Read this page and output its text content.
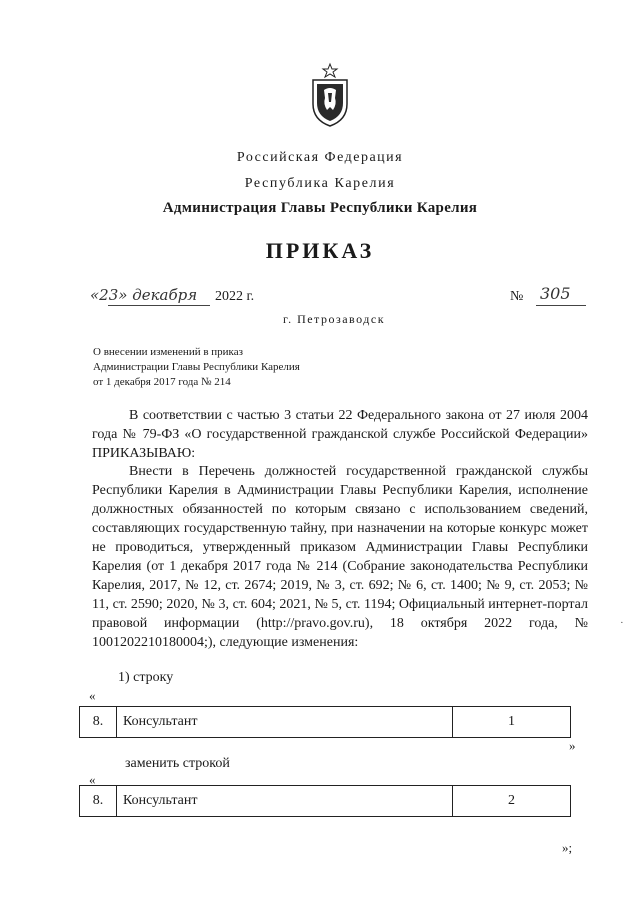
Российская Федерация
Республика Карелия
Администрация Главы Республики Карелия
ПРИКАЗ
«23» декабря 2022 г.	№ 305
г. Петрозаводск
О внесении изменений в приказ
Администрации Главы Республики Карелия
от 1 декабря 2017 года № 214
В соответствии с частью 3 статьи 22 Федерального закона от 27 июля 2004 года № 79-ФЗ «О государственной гражданской службе Российской Федерации» ПРИКАЗЫВАЮ:
Внести в Перечень должностей государственной гражданской службы Республики Карелия в Администрации Главы Республики Карелия, исполнение должностных обязанностей по которым связано с использованием сведений, составляющих государственную тайну, при назначении на которые конкурс может не проводиться, утвержденный приказом Администрации Главы Республики Карелия (от 1 декабря 2017 года № 214 (Собрание законодательства Республики Карелия, 2017, № 12, ст. 2674; 2019, № 3, ст. 692; № 6, ст. 1400; № 9, ст. 2053; № 11, ст. 2590; 2020, № 3, ст. 604; 2021, № 5, ст. 1194; Официальный интернет-портал правовой информации (http://pravo.gov.ru), 18 октября 2022 года, № 1001202210180004;), следующие изменения:
·
1) строку
«
8.	Консультант	1
»
заменить строкой
«
8.	Консультант	2
»;
